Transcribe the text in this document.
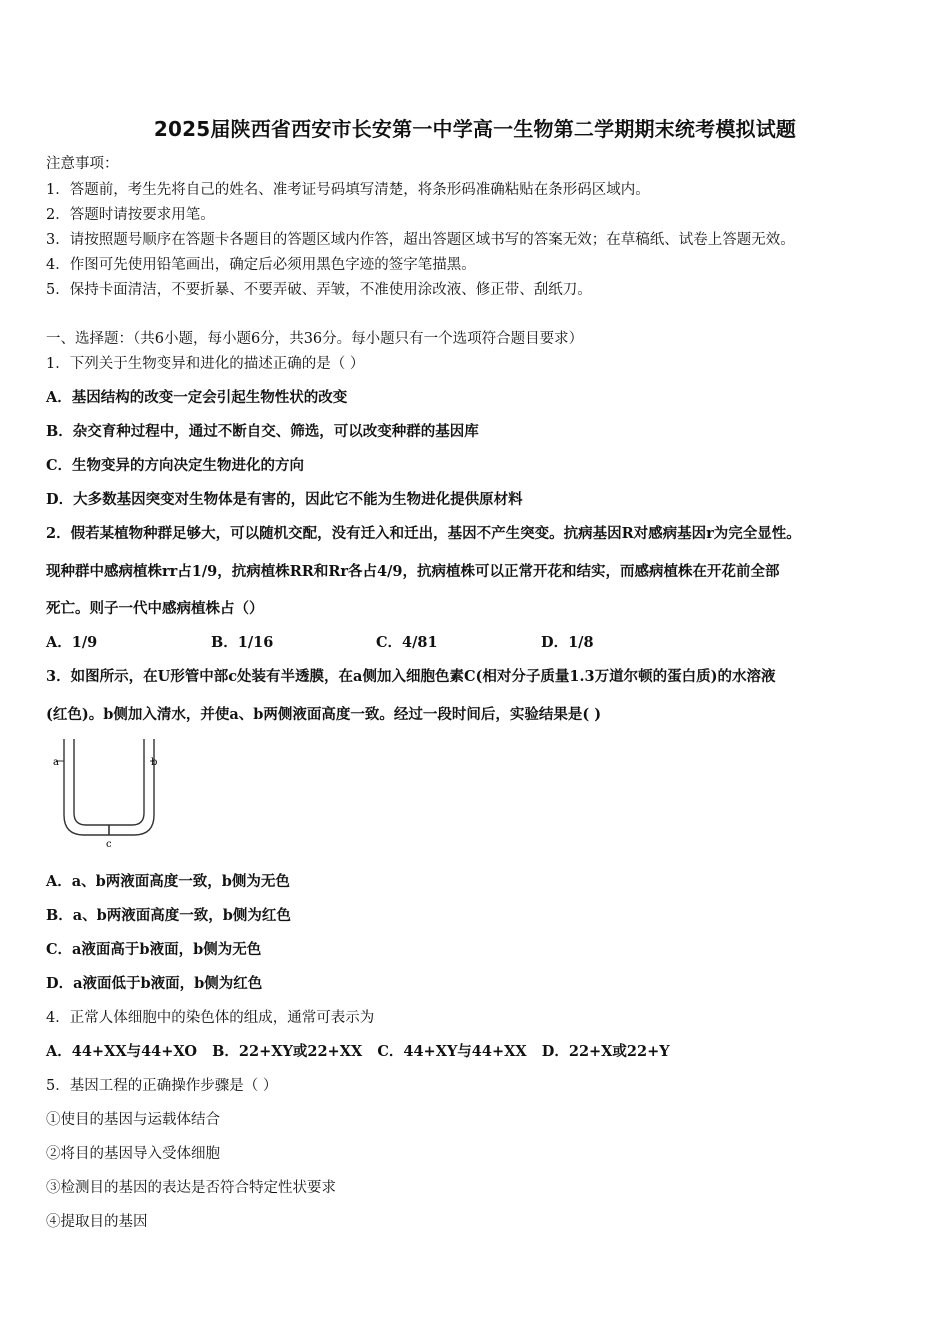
2025届陕西省西安市长安第一中学高一生物第二学期期末统考模拟试题
注意事项：
1．答题前，考生先将自己的姓名、准考证号码填写清楚，将条形码准确粘贴在条形码区域内。
2．答题时请按要求用笔。
3．请按照题号顺序在答题卡各题目的答题区域内作答，超出答题区域书写的答案无效；在草稿纸、试卷上答题无效。
4．作图可先使用铅笔画出，确定后必须用黑色字迹的签字笔描黑。
5．保持卡面清洁，不要折暴、不要弄破、弄皱，不准使用涂改液、修正带、刮纸刀。
一、选择题：（共6小题，每小题6分，共36分。每小题只有一个选项符合题目要求）
1．下列关于生物变异和进化的描述正确的是（ ）
A．基因结构的改变一定会引起生物性状的改变
B．杂交育种过程中，通过不断自交、筛选，可以改变种群的基因库
C．生物变异的方向决定生物进化的方向
D．大多数基因突变对生物体是有害的，因此它不能为生物进化提供原材料
2．假若某植物种群足够大，可以随机交配，没有迁入和迁出，基因不产生突变。抗病基因R对感病基因r为完全显性。
现种群中感病植株rr占1/9，抗病植株RR和Rr各占4/9，抗病植株可以正常开花和结实，而感病植株在开花前全部
死亡。则子一代中感病植株占（）
A．1/9	B．1/16	C．4/81	D．1/8
3．如图所示，在U形管中部c处装有半透膜，在a侧加入细胞色素C(相对分子质量1.3万道尔顿的蛋白质)的水溶液
(红色)。b侧加入清水，并使a、b两侧液面高度一致。经过一段时间后，实验结果是( )
a	b
c
A．a、b两液面高度一致，b侧为无色
B．a、b两液面高度一致，b侧为红色
C．a液面高于b液面，b侧为无色
D．a液面低于b液面，b侧为红色
4．正常人体细胞中的染色体的组成，通常可表示为
A．44+XX与44+XO   B．22+XY或22+XX   C．44+XY与44+XX   D．22+X或22+Y
5．基因工程的正确操作步骤是（ ）
①使目的基因与运载体结合
②将目的基因导入受体细胞
③检测目的基因的表达是否符合特定性状要求
④提取目的基因
